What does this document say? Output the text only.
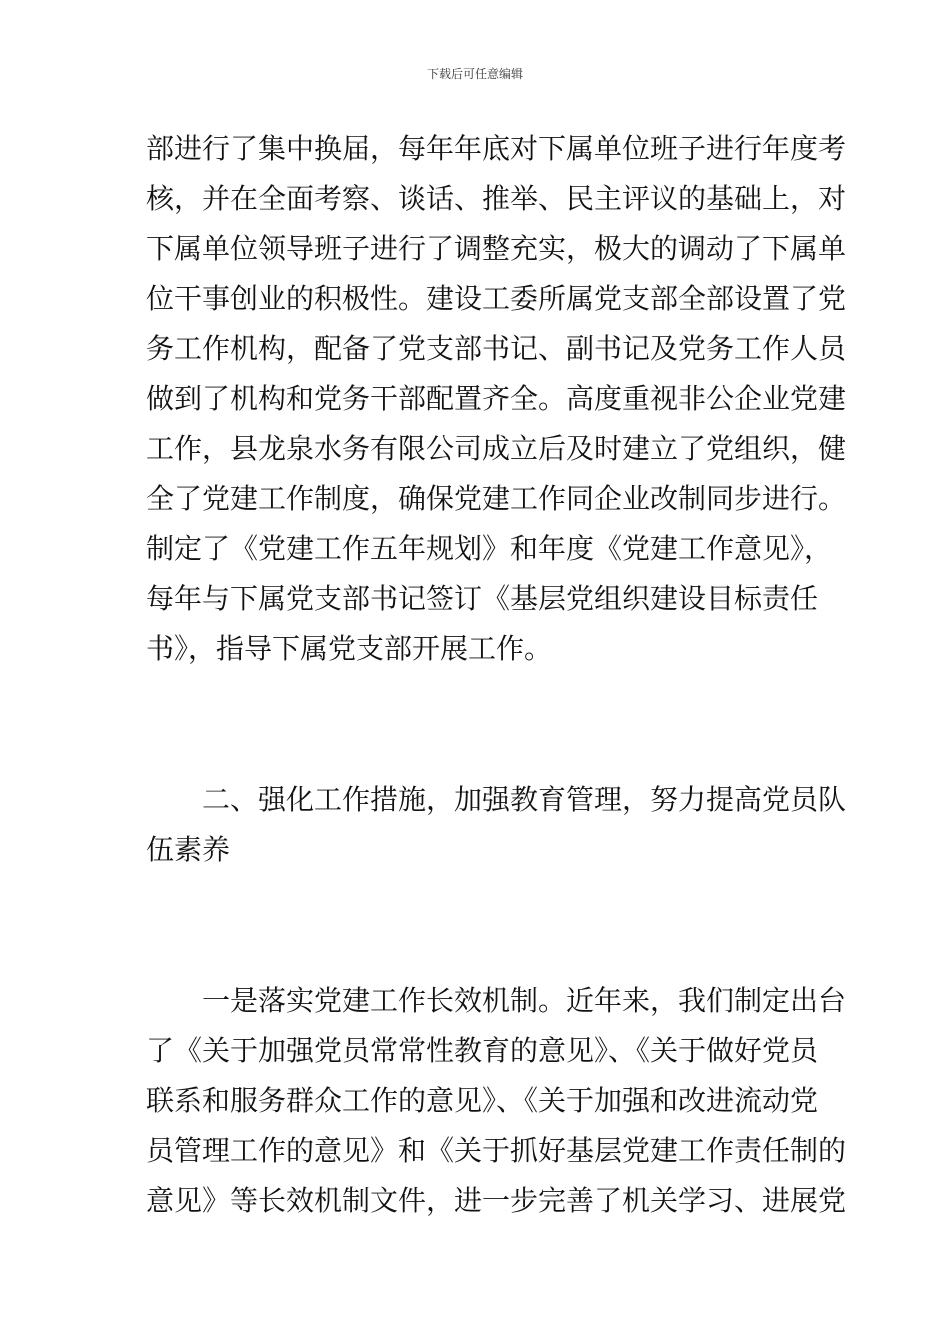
下载后可任意编辑
部进行了集中换届，每年年底对下属单位班子进行年度考
核，并在全面考察、谈话、推举、民主评议的基础上，对
下属单位领导班子进行了调整充实，极大的调动了下属单
位干事创业的积极性。建设工委所属党支部全部设置了党
务工作机构，配备了党支部书记、副书记及党务工作人员
做到了机构和党务干部配置齐全。高度重视非公企业党建
工作，县龙泉水务有限公司成立后及时建立了党组织，健
全了党建工作制度，确保党建工作同企业改制同步进行。
制定了《党建工作五年规划》和年度《党建工作意见》，
每年与下属党支部书记签订《基层党组织建设目标责任
书》，指导下属党支部开展工作。
二、强化工作措施，加强教育管理，努力提高党员队
伍素养
一是落实党建工作长效机制。近年来，我们制定出台
了《关于加强党员常常性教育的意见》、《关于做好党员
联系和服务群众工作的意见》、《关于加强和改进流动党
员管理工作的意见》和《关于抓好基层党建工作责任制的
意见》等长效机制文件，进一步完善了机关学习、进展党
